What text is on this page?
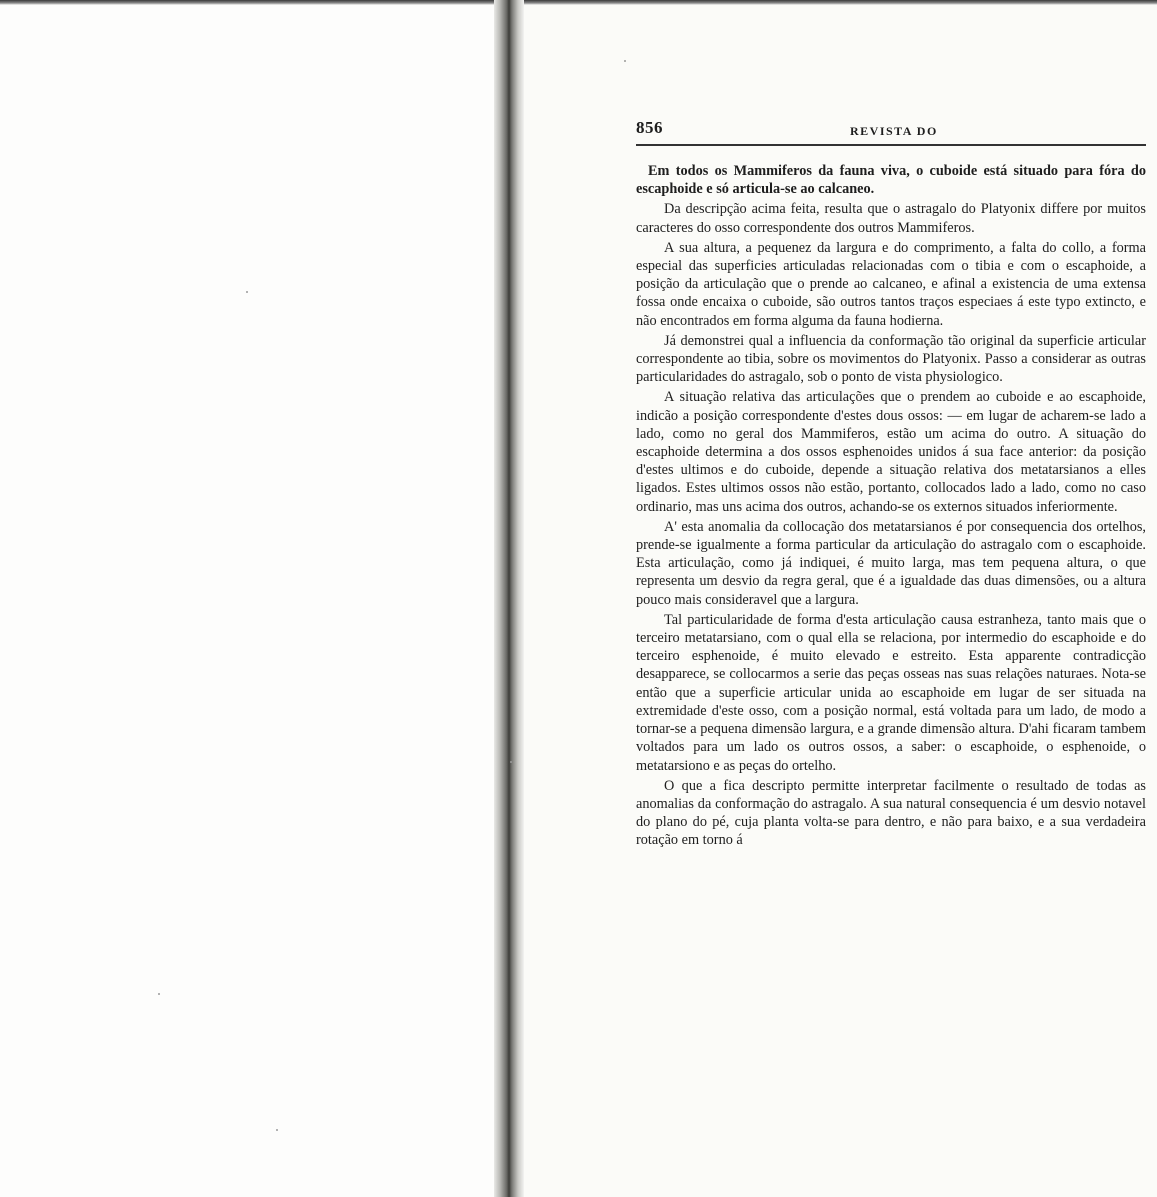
856	REVISTA DO

Em todos os Mammiferos da fauna viva, o cuboide está situado para fóra do escaphoide e só articula-se ao calcaneo.

Da descripção acima feita, resulta que o astragalo do Platyonix differe por muitos caracteres do osso correspondente dos outros Mammiferos.

A sua altura, a pequenez da largura e do comprimento, a falta do collo, a forma especial das superficies articuladas relacionadas com o tibia e com o escaphoide, a posição da articulação que o prende ao calcaneo, e afinal a existencia de uma extensa fossa onde encaixa o cuboide, são outros tantos traços especiaes á este typo extincto, e não encontrados em forma alguma da fauna hodierna.

Já demonstrei qual a influencia da conformação tão original da superficie articular correspondente ao tibia, sobre os movimentos do Platyonix. Passo a considerar as outras particularidades do astragalo, sob o ponto de vista physiologico.

A situação relativa das articulações que o prendem ao cuboide e ao escaphoide, indicão a posição correspondente d'estes dous ossos: — em lugar de acharem-se lado a lado, como no geral dos Mammiferos, estão um acima do outro. A situação do escaphoide determina a dos ossos esphenoides unidos á sua face anterior: da posição d'estes ultimos e do cuboide, depende a situação relativa dos metatarsianos a elles ligados. Estes ultimos ossos não estão, portanto, collocados lado a lado, como no caso ordinario, mas uns acima dos outros, achando-se os externos situados inferiormente.

A' esta anomalia da collocação dos metatarsianos é por consequencia dos ortelhos, prende-se igualmente a forma particular da articulação do astragalo com o escaphoide. Esta articulação, como já indiquei, é muito larga, mas tem pequena altura, o que representa um desvio da regra geral, que é a igualdade das duas dimensões, ou a altura pouco mais consideravel que a largura.

Tal particularidade de forma d'esta articulação causa estranheza, tanto mais que o terceiro metatarsiano, com o qual ella se relaciona, por intermedio do escaphoide e do terceiro esphenoide, é muito elevado e estreito. Esta apparente contradicção desapparece, se collocarmos a serie das peças osseas nas suas relações naturaes. Nota-se então que a superficie articular unida ao escaphoide em lugar de ser situada na extremidade d'este osso, com a posição normal, está voltada para um lado, de modo a tornar-se a pequena dimensão largura, e a grande dimensão altura. D'ahi ficaram tambem voltados para um lado os outros ossos, a saber: o escaphoide, o esphenoide, o metatarsiono e as peças do ortelho.

O que a fica descripto permitte interpretar facilmente o resultado de todas as anomalias da conformação do astragalo. A sua natural consequencia é um desvio notavel do plano do pé, cuja planta volta-se para dentro, e não para baixo, e a sua verdadeira rotação em torno á
